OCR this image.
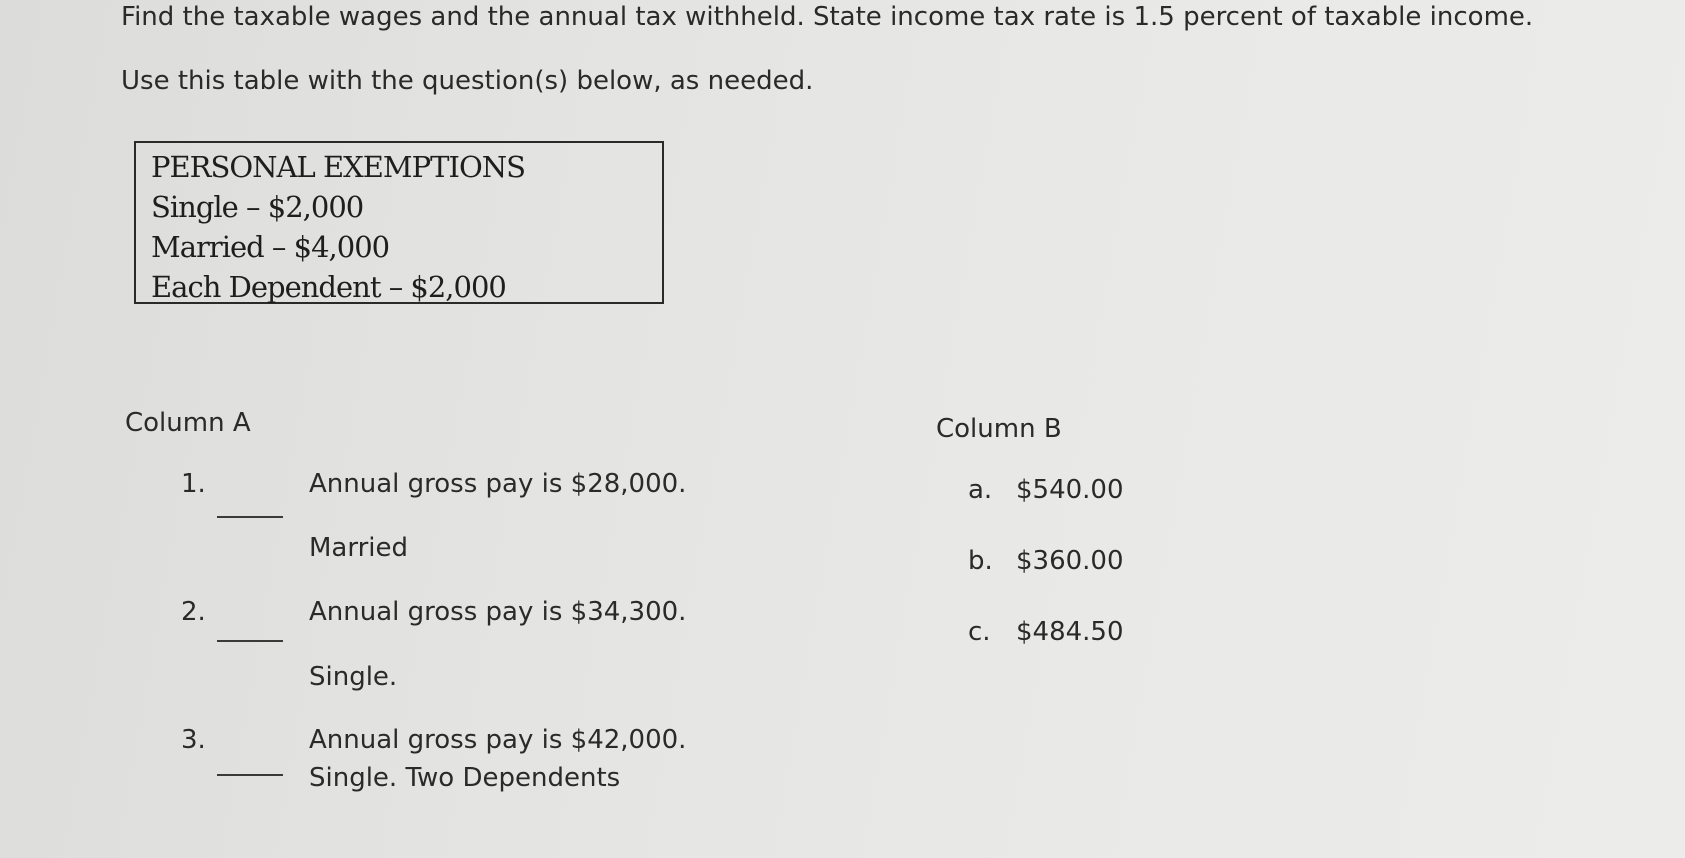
Find the taxable wages and the annual tax withheld. State income tax rate is 1.5 percent of taxable income.
Use this table with the question(s) below, as needed.
PERSONAL EXEMPTIONS
Single – $2,000
Married – $4,000
Each Dependent – $2,000
Column A	Column B
1.	Annual gross pay is $28,000.
Married
2.	Annual gross pay is $34,300.
Single.
3.	Annual gross pay is $42,000.
Single. Two Dependents
a. $540.00
b. $360.00
c. $484.50
